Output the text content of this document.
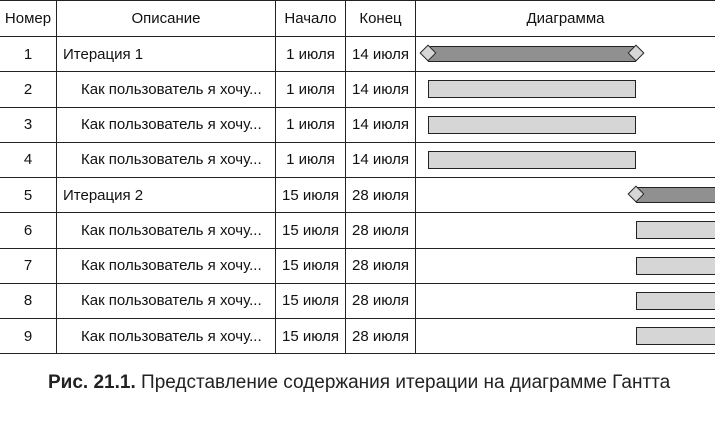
Номер	Описание	Начало	Конец	Диаграмма
1	Итерация 1	1 июля	14 июля
2	Как пользователь я хочу...	1 июля	14 июля
3	Как пользователь я хочу...	1 июля	14 июля
4	Как пользователь я хочу...	1 июля	14 июля
5	Итерация 2	15 июля 28 июля
6	Как пользователь я хочу...	15 июля 28 июля
7	Как пользователь я хочу...	15 июля 28 июля
8	Как пользователь я хочу...	15 июля 28 июля
9	Как пользователь я хочу...	15 июля 28 июля
Рис. 21.1. Представление содержания итерации на диаграмме Гантта
